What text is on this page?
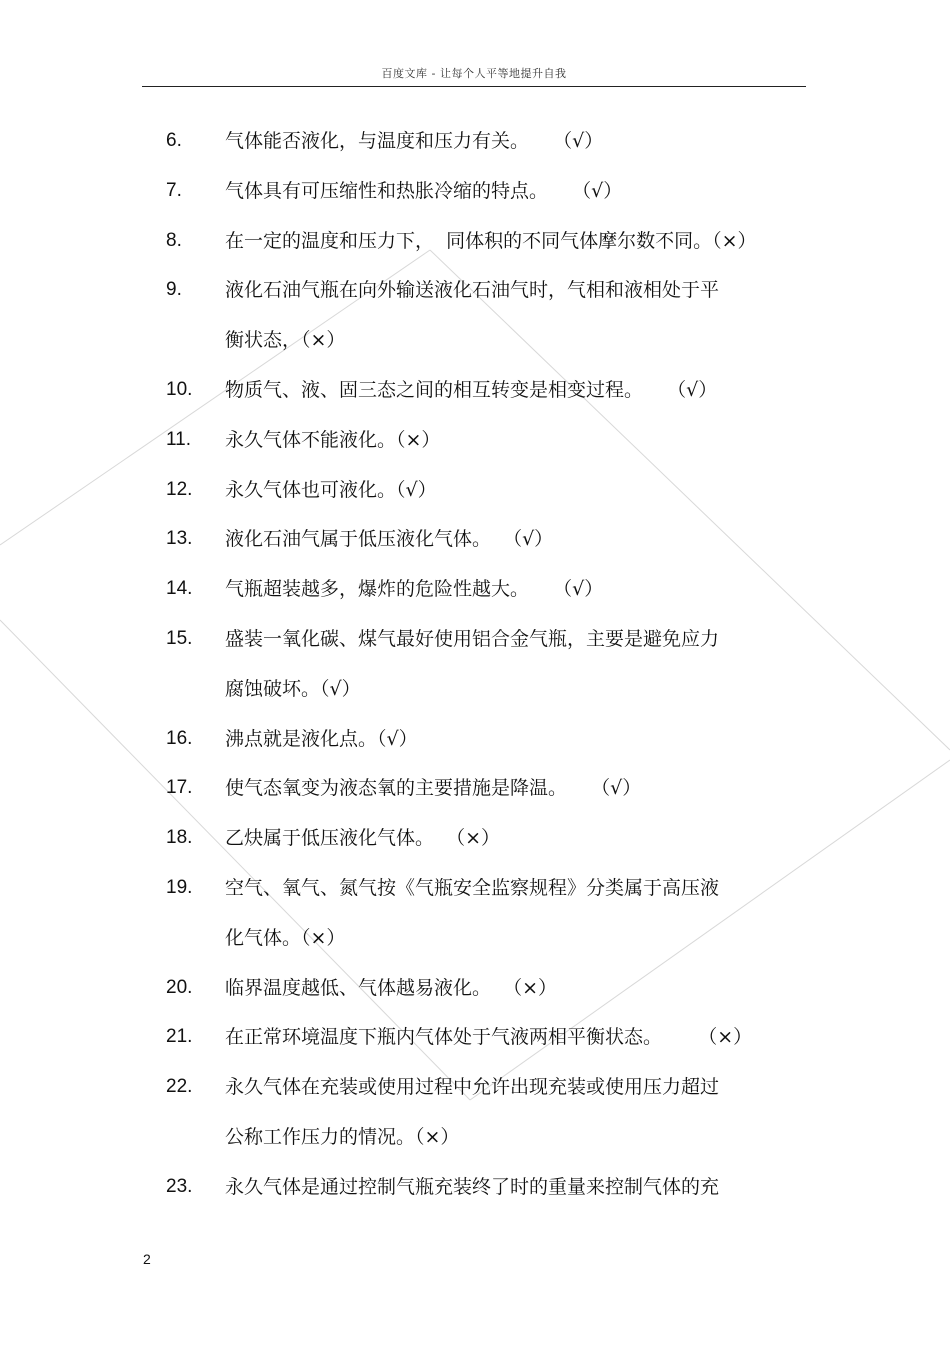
百度文库 - 让每个人平等地提升自我
6. 气体能否液化，与温度和压力有关。    （√）
7. 气体具有可压缩性和热胀冷缩的特点。    （√）
8. 在一定的温度和压力下，  同体积的不同气体摩尔数不同。（×）
9. 液化石油气瓶在向外输送液化石油气时，气相和液相处于平
衡状态，（×）
10. 物质气、液、固三态之间的相互转变是相变过程。    （√）
11. 永久气体不能液化。（×）
12. 永久气体也可液化。（√）
13. 液化石油气属于低压液化气体。  （√）
14. 气瓶超装越多，爆炸的危险性越大。    （√）
15. 盛装一氧化碳、煤气最好使用铝合金气瓶，主要是避免应力
腐蚀破坏。（√）
16. 沸点就是液化点。（√）
17. 使气态氧变为液态氧的主要措施是降温。    （√）
18. 乙炔属于低压液化气体。  （×）
19. 空气、氧气、氮气按《气瓶安全监察规程》分类属于高压液
化气体。（×）
20. 临界温度越低、气体越易液化。  （×）
21. 在正常环境温度下瓶内气体处于气液两相平衡状态。      （×）
22. 永久气体在充装或使用过程中允许出现充装或使用压力超过
公称工作压力的情况。（×）
23. 永久气体是通过控制气瓶充装终了时的重量来控制气体的充
2
